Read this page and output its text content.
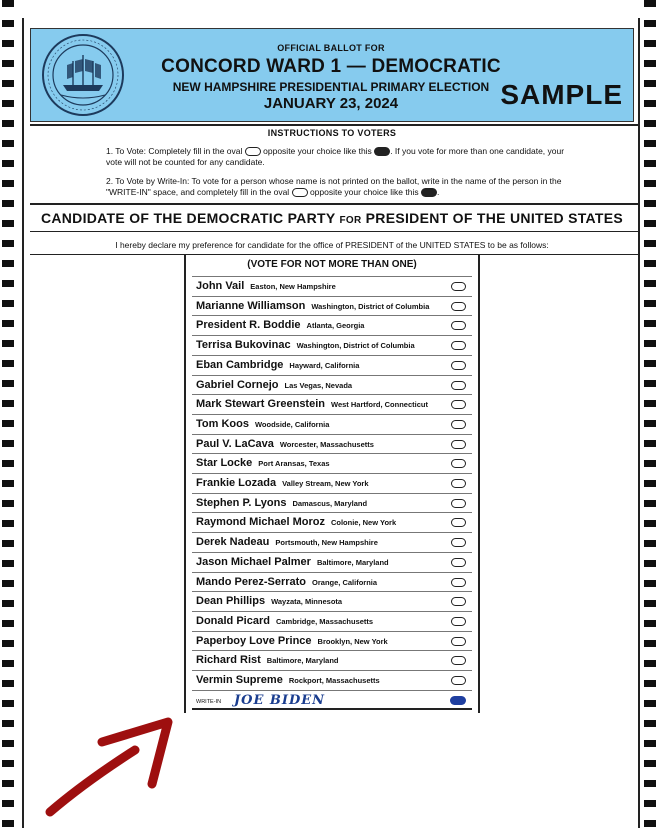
OFFICIAL BALLOT FOR
CONCORD WARD 1 — DEMOCRATIC
NEW HAMPSHIRE PRESIDENTIAL PRIMARY ELECTION
JANUARY 23, 2024	SAMPLE
INSTRUCTIONS TO VOTERS
1. To Vote: Completely fill in the oval opposite your choice like this . If you vote for more than one candidate, your vote will not be counted for any candidate.
2. To Vote by Write-In: To vote for a person whose name is not printed on the ballot, write in the name of the person in the "WRITE-IN" space, and completely fill in the oval opposite your choice like this .
CANDIDATE OF THE DEMOCRATIC PARTY FOR PRESIDENT OF THE UNITED STATES
I hereby declare my preference for candidate for the office of PRESIDENT of the UNITED STATES to be as follows:
(VOTE FOR NOT MORE THAN ONE)
John Vail Easton, New Hampshire
Marianne Williamson Washington, District of Columbia
President R. Boddie Atlanta, Georgia
Terrisa Bukovinac Washington, District of Columbia
Eban Cambridge Hayward, California
Gabriel Cornejo Las Vegas, Nevada
Mark Stewart Greenstein West Hartford, Connecticut
Tom Koos Woodside, California
Paul V. LaCava Worcester, Massachusetts
Star Locke Port Aransas, Texas
Frankie Lozada Valley Stream, New York
Stephen P. Lyons Damascus, Maryland
Raymond Michael Moroz Colonie, New York
Derek Nadeau Portsmouth, New Hampshire
Jason Michael Palmer Baltimore, Maryland
Mando Perez-Serrato Orange, California
Dean Phillips Wayzata, Minnesota
Donald Picard Cambridge, Massachusetts
Paperboy Love Prince Brooklyn, New York
Richard Rist Baltimore, Maryland
Vermin Supreme Rockport, Massachusetts
WRITE-IN JOE BIDEN
